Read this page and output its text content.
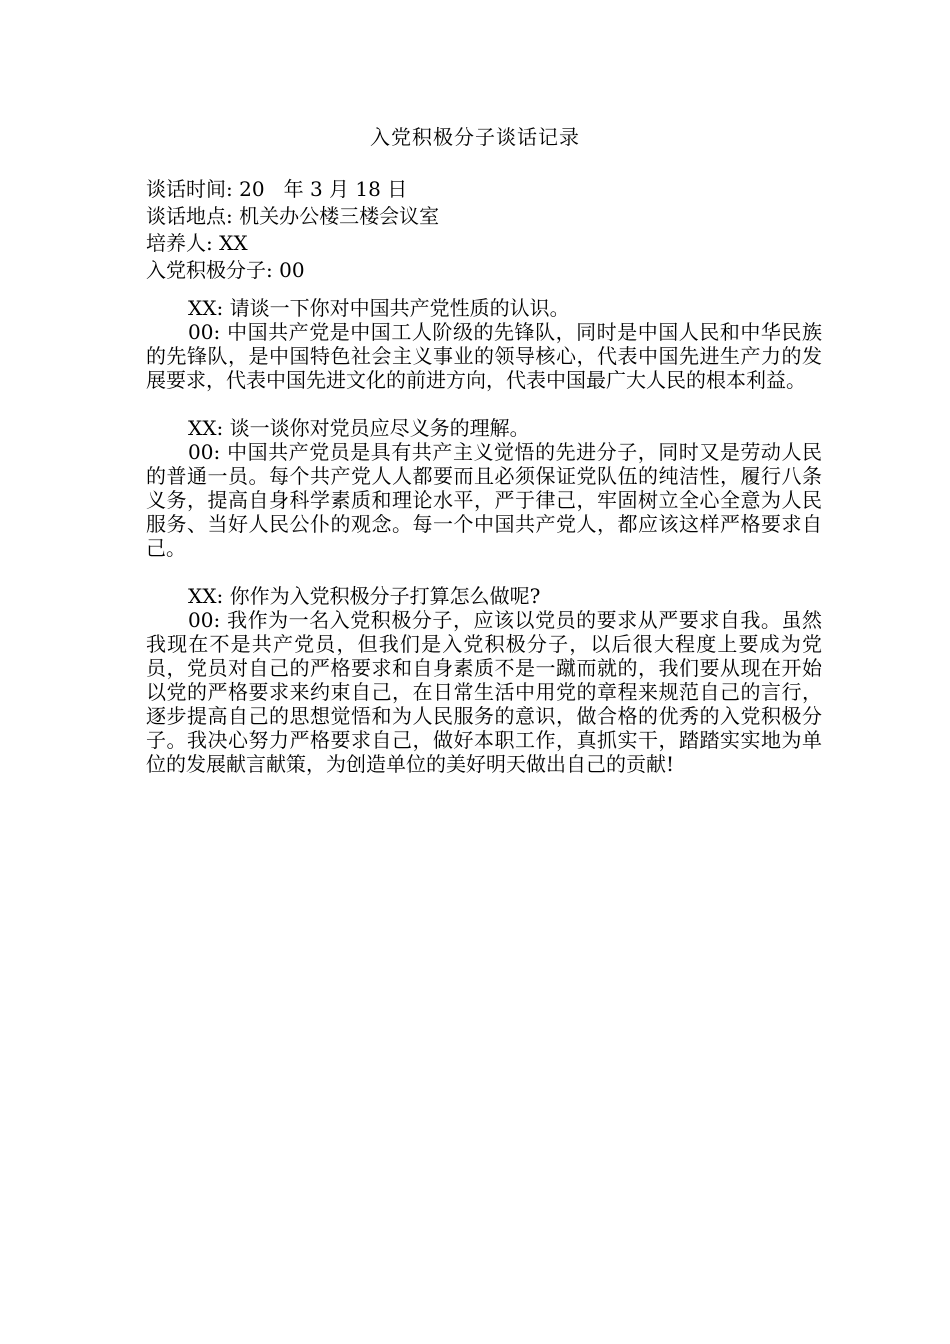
入党积极分子谈话记录
谈话时间: 20   年 3 月 18 日
谈话地点: 机关办公楼三楼会议室
培养人: XX
入党积极分子: 00

XX: 请谈一下你对中国共产党性质的认识。

00: 中国共产党是中国工人阶级的先锋队，同时是中国人民和中华民族的先锋队，是中国特色社会主义事业的领导核心，代表中国先进生产力的发展要求，代表中国先进文化的前进方向，代表中国最广大人民的根本利益。

XX: 谈一谈你对党员应尽义务的理解。

00: 中国共产党员是具有共产主义觉悟的先进分子，同时又是劳动人民的普通一员。每个共产党人人都要而且必须保证党队伍的纯洁性，履行八条义务，提高自身科学素质和理论水平，严于律己，牢固树立全心全意为人民服务、当好人民公仆的观念。每一个中国共产党人，都应该这样严格要求自己。

XX: 你作为入党积极分子打算怎么做呢?

00: 我作为一名入党积极分子，应该以党员的要求从严要求自我。虽然我现在不是共产党员，但我们是入党积极分子，以后很大程度上要成为党员，党员对自己的严格要求和自身素质不是一蹴而就的，我们要从现在开始以党的严格要求来约束自己，在日常生活中用党的章程来规范自己的言行，逐步提高自己的思想觉悟和为人民服务的意识，做合格的优秀的入党积极分子。我决心努力严格要求自己，做好本职工作，真抓实干，踏踏实实地为单位的发展献言献策，为创造单位的美好明天做出自己的贡献!
